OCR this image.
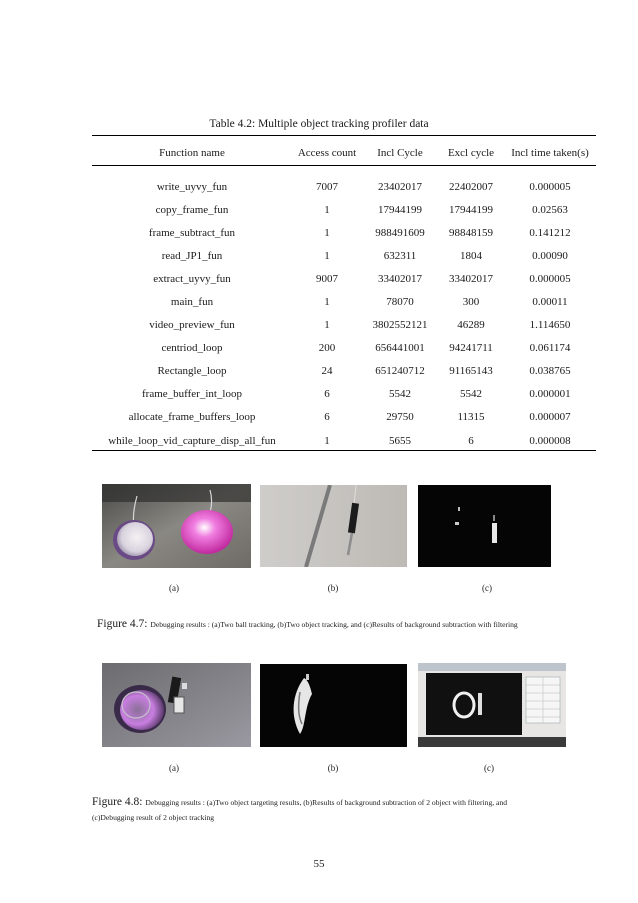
Table 4.2: Multiple object tracking profiler data
Function name	Access count	Incl Cycle	Excl cycle	Incl time taken(s)

write_uyvy_fun	7007	23402017	22402007	0.000005
copy_frame_fun	1	17944199	17944199	0.02563
frame_subtract_fun	1	988491609	98848159	0.141212
read_JP1_fun	1	632311	1804	0.00090
extract_uyvy_fun	9007	33402017	33402017	0.000005
main_fun	1	78070	300	0.00011
video_preview_fun	1	3802552121	46289	1.114650
centriod_loop	200	656441001	94241711	0.061174
Rectangle_loop	24	651240712	91165143	0.038765
frame_buffer_int_loop	6	5542	5542	0.000001
allocate_frame_buffers_loop	6	29750	11315	0.000007
while_loop_vid_capture_disp_all_fun	1	5655	6	0.000008
(a)	(b)	(c)
Figure 4.7: Debugging results : (a)Two ball tracking, (b)Two object tracking, and (c)Results of background subtraction with filtering
(a)	(b)	(c)
Figure 4.8: Debugging results : (a)Two object targeting results, (b)Results of background subtraction of 2 object with filtering, and
(c)Debugging result of 2 object tracking
55
